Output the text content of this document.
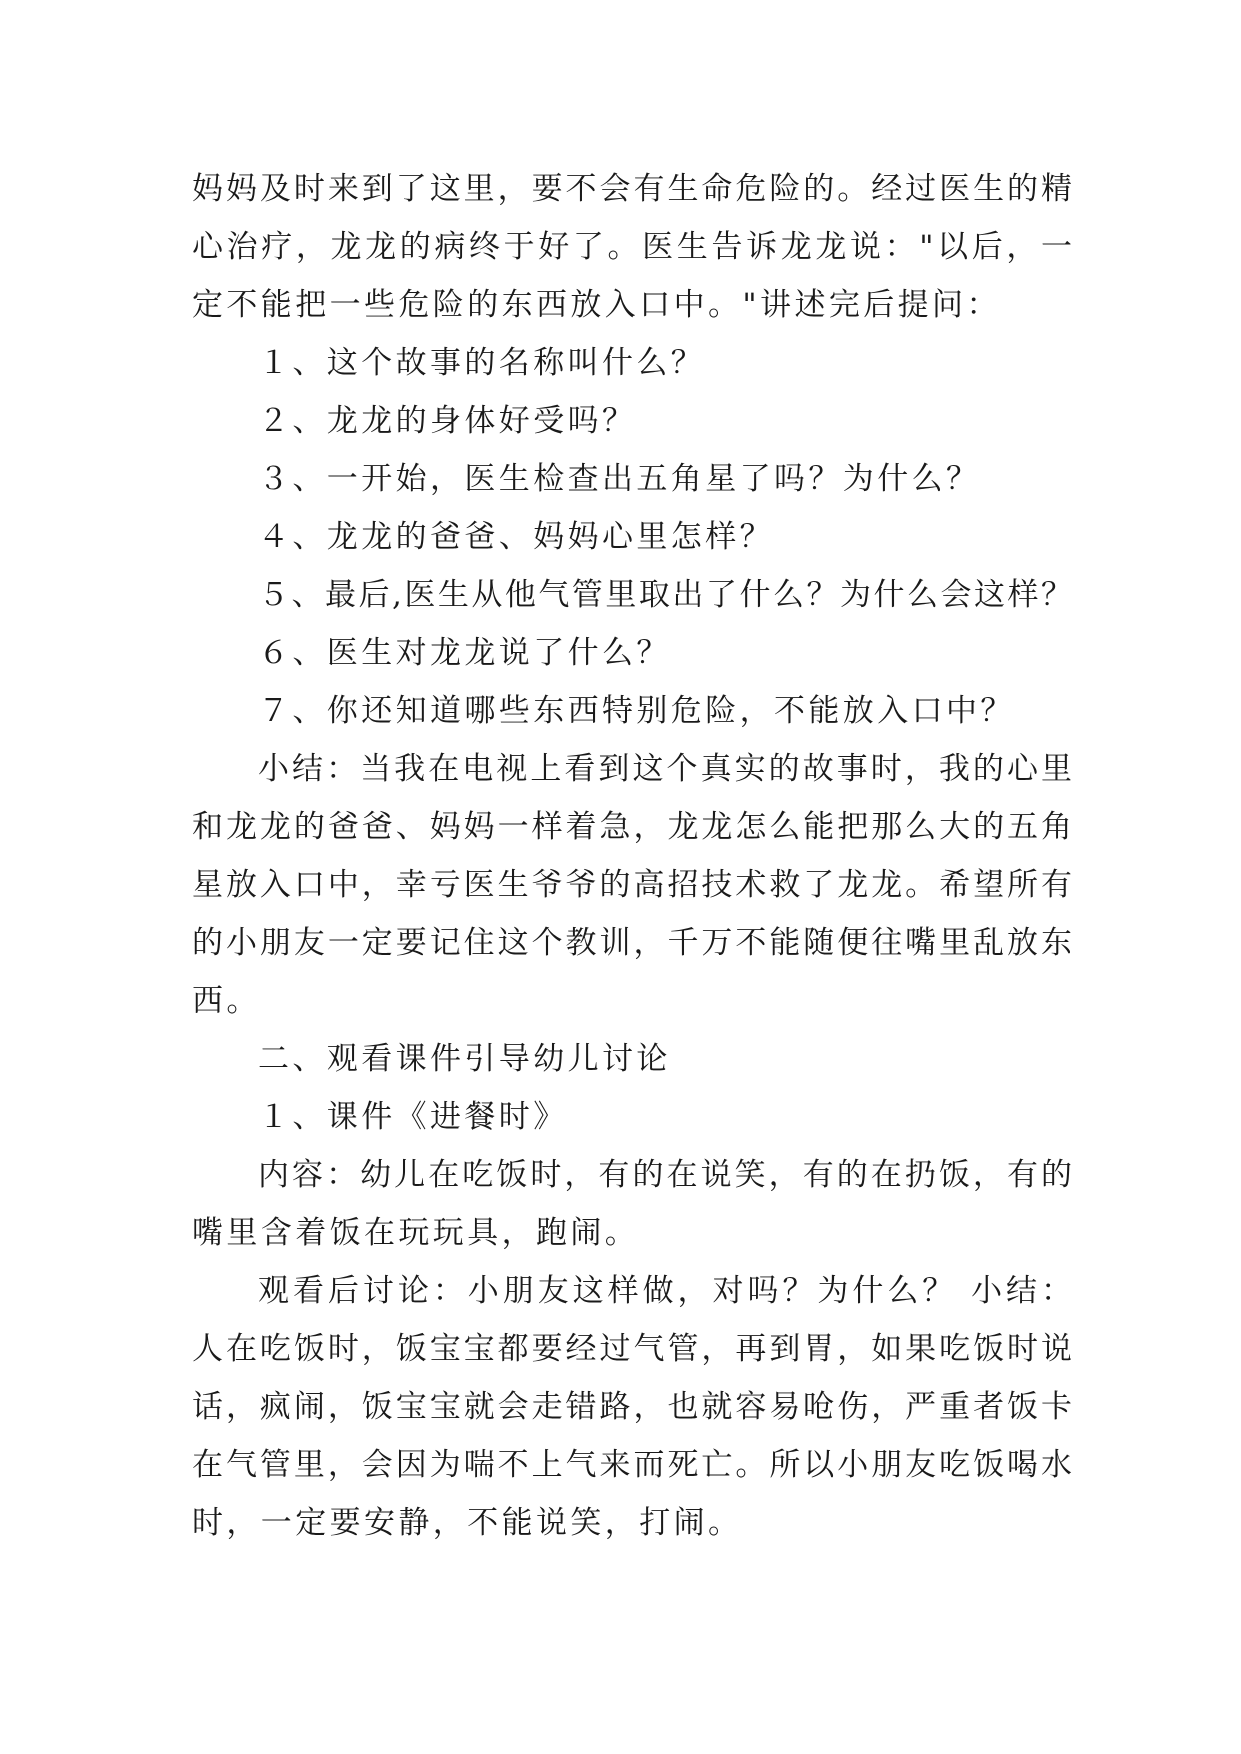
妈妈及时来到了这里，要不会有生命危险的。经过医生的精
心治疗，龙龙的病终于好了。医生告诉龙龙说："以后，一
定不能把一些危险的东西放入口中。"讲述完后提问：
１、这个故事的名称叫什么？
２、龙龙的身体好受吗？
３、一开始，医生检查出五角星了吗？为什么？
４、龙龙的爸爸、妈妈心里怎样？
５、最后,医生从他气管里取出了什么？为什么会这样？
６、医生对龙龙说了什么？
７、你还知道哪些东西特别危险，不能放入口中？
小结：当我在电视上看到这个真实的故事时，我的心里
和龙龙的爸爸、妈妈一样着急，龙龙怎么能把那么大的五角
星放入口中，幸亏医生爷爷的高招技术救了龙龙。希望所有
的小朋友一定要记住这个教训，千万不能随便往嘴里乱放东
西。
二、观看课件引导幼儿讨论
１、课件《进餐时》
内容：幼儿在吃饭时，有的在说笑，有的在扔饭，有的
嘴里含着饭在玩玩具，跑闹。
观看后讨论：小朋友这样做，对吗？为什么？ 小结：
人在吃饭时，饭宝宝都要经过气管，再到胃，如果吃饭时说
话，疯闹，饭宝宝就会走错路，也就容易呛伤，严重者饭卡
在气管里，会因为喘不上气来而死亡。所以小朋友吃饭喝水
时，一定要安静，不能说笑，打闹。
